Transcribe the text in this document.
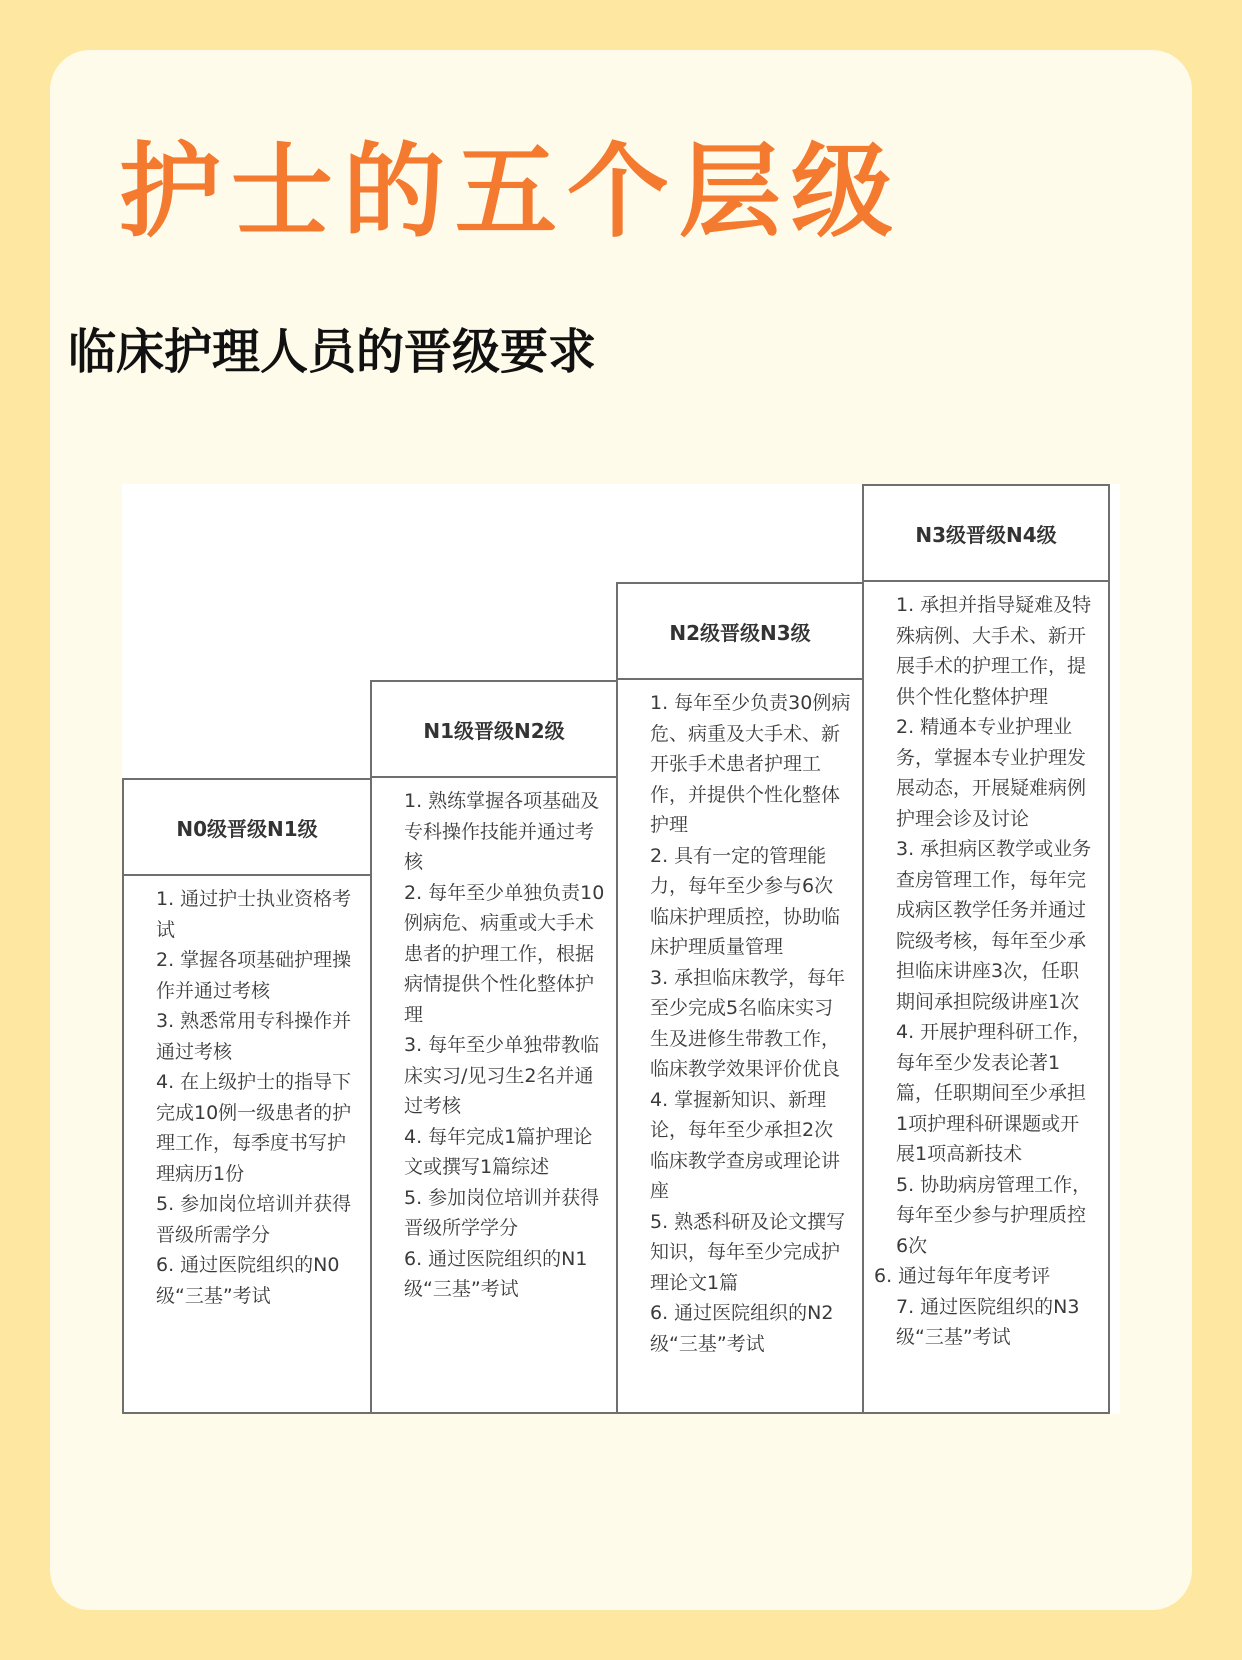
护士的五个层级
临床护理人员的晋级要求
N0级晋级N1级

1. 通过护士执业资格考试

2. 掌握各项基础护理操作并通过考核

3. 熟悉常用专科操作并通过考核

4. 在上级护士的指导下完成10例一级患者的护理工作，每季度书写护理病历1份

5. 参加岗位培训并获得晋级所需学分

6. 通过医院组织的N0级“三基”考试

N1级晋级N2级

1. 熟练掌握各项基础及专科操作技能并通过考核

2. 每年至少单独负责10例病危、病重或大手术患者的护理工作，根据病情提供个性化整体护理

3. 每年至少单独带教临床实习/见习生2名并通过考核

4. 每年完成1篇护理论文或撰写1篇综述

5. 参加岗位培训并获得晋级所学学分

6. 通过医院组织的N1级“三基”考试

N2级晋级N3级

1. 每年至少负责30例病危、病重及大手术、新开张手术患者护理工作，并提供个性化整体护理

2. 具有一定的管理能力，每年至少参与6次临床护理质控，协助临床护理质量管理

3. 承担临床教学，每年至少完成5名临床实习生及进修生带教工作，临床教学效果评价优良

4. 掌握新知识、新理论，每年至少承担2次临床教学查房或理论讲座

5. 熟悉科研及论文撰写知识，每年至少完成护理论文1篇

6. 通过医院组织的N2级“三基”考试

N3级晋级N4级

1. 承担并指导疑难及特殊病例、大手术、新开展手术的护理工作，提供个性化整体护理

2. 精通本专业护理业务，掌握本专业护理发展动态，开展疑难病例护理会诊及讨论

3. 承担病区教学或业务查房管理工作，每年完成病区教学任务并通过院级考核，每年至少承担临床讲座3次，任职期间承担院级讲座1次

4. 开展护理科研工作，每年至少发表论著1篇，任职期间至少承担1项护理科研课题或开展1项高新技术

5. 协助病房管理工作，每年至少参与护理质控6次

6. 通过每年年度考评

7. 通过医院组织的N3级“三基”考试
